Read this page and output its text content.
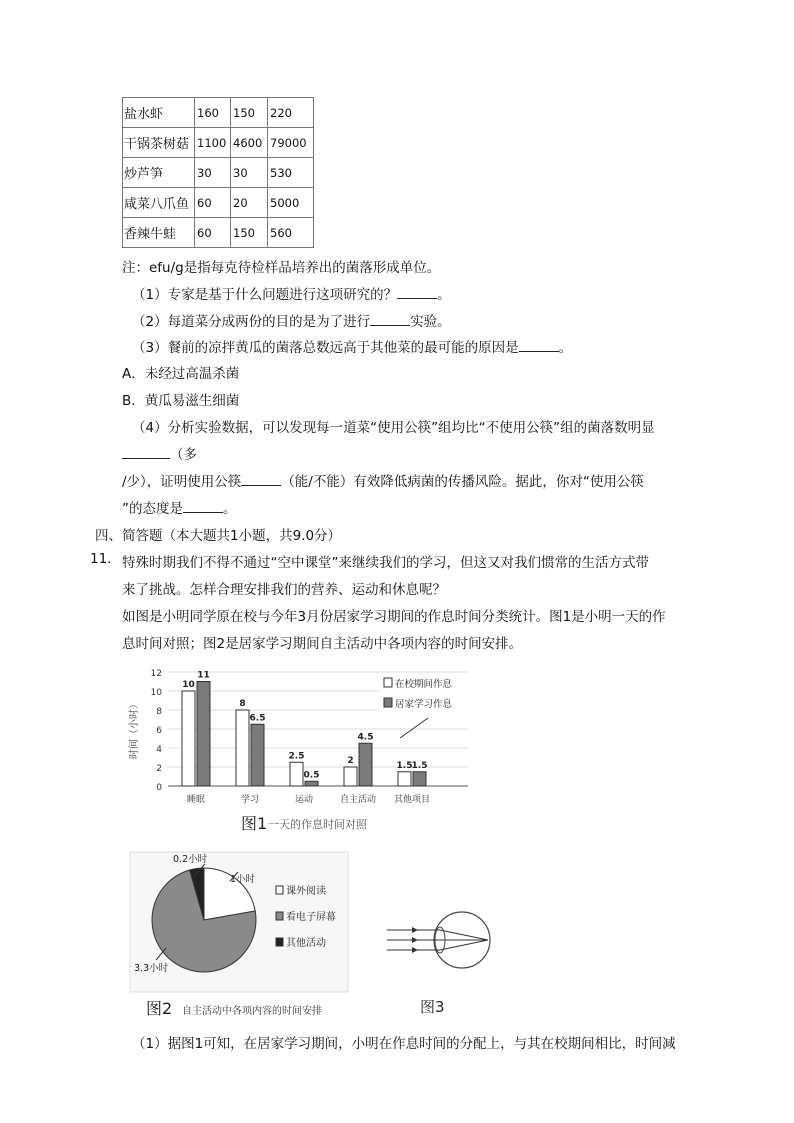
盐水虾	160	150	220
干锅茶树菇	1100	4600	79000
炒芦笋	30	30	530
咸菜八爪鱼	60	20	5000
香辣牛蛙	60	150	560
注：efu/g是指每克待检样品培养出的菌落形成单位。
（1）专家是基于什么问题进行这项研究的？	。
（2）每道菜分成两份的目的是为了进行	实验。
（3）餐前的凉拌黄瓜的菌落总数远高于其他菜的最可能的原因是	。
A．未经过高温杀菌
B．黄瓜易滋生细菌
（4）分析实验数据，可以发现每一道菜“使用公筷”组均比“不使用公筷”组的菌落数明显
（多
/少），证明使用公筷	（能/不能）有效降低病菌的传播风险。据此，你对“使用公筷
”的态度是	。
四、简答题（本大题共1小题，共9.0分）
11. 特殊时期我们不得不通过“空中课堂”来继续我们的学习，但这又对我们惯常的生活方式带
来了挑战。怎样合理安排我们的营养、运动和休息呢？
如图是小明同学原在校与今年3月份居家学习期间的作息时间分类统计。图1是小明一天的作
息时间对照；图2是居家学习期间自主活动中各项内容的时间安排。
0
2
4
6
8
10
12
10
11
睡眠
8
6.5
学习
2.5
0.5
运动
2
4.5
自主活动
1.5 1.5
其他项目
时间（小时）
在校期间作息
居家学习作息
图1 一天的作息时间对照
0.2小时
1小时
3.3小时
课外阅读
看电子屏幕
其他活动
图2 自主活动中各项内容的时间安排	图3
（1）据图1可知，在居家学习期间，小明在作息时间的分配上，与其在校期间相比，时间减
